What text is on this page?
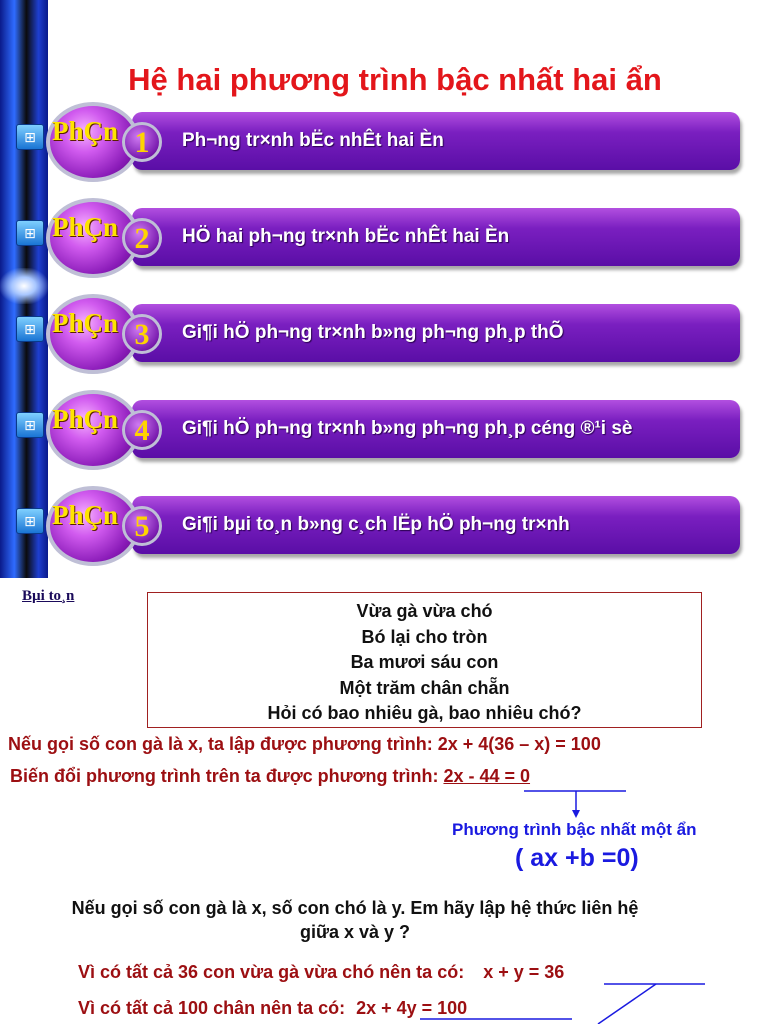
Hệ hai phương trình bậc nhất hai ẩn
⊞ PhÇn 1	Ph¬ng tr×nh bËc nhÊt hai Èn
⊞ PhÇn 2	HÖ hai ph¬ng tr×nh bËc nhÊt hai Èn
⊞ PhÇn 3	Gi¶i hÖ ph¬ng tr×nh b»ng ph¬ng ph¸p thÕ
⊞ PhÇn 4	Gi¶i hÖ ph¬ng tr×nh b»ng ph¬ng ph¸p céng ®¹i sè
⊞ PhÇn 5	Gi¶i bµi to¸n b»ng c¸ch lËp hÖ ph¬ng tr×nh
Bµi to¸n
Vừa gà vừa chó
Bó lại cho tròn
Ba mươi sáu con
Một trăm chân chẵn
Hỏi có bao nhiêu gà, bao nhiêu chó?
Nếu gọi số con gà là x, ta lập được phương trình: 2x + 4(36 – x) = 100
Biến đổi phương trình trên ta được phương trình: 2x - 44 = 0
Phương trình bậc nhất một ẩn
( ax +b =0)
Nếu gọi số con gà là x, số con chó là y. Em hãy lập hệ thức liên hệ
giữa x và y ?
Vì có tất cả 36 con vừa gà vừa chó nên ta có: x + y = 36
Vì có tất cả 100 chân nên ta có: 2x + 4y = 100
